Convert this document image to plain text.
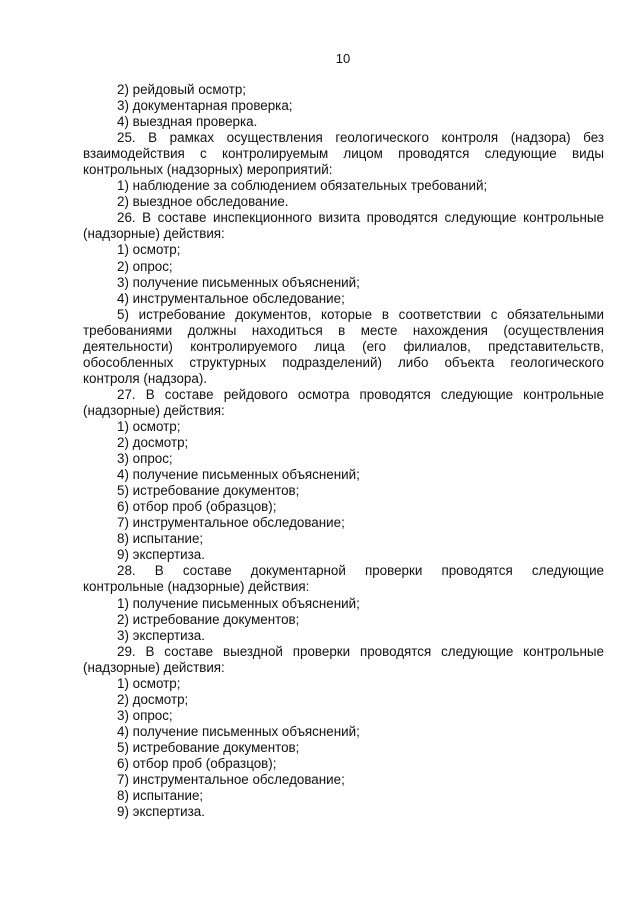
10
2) рейдовый осмотр;
3) документарная проверка;
4) выездная проверка.
25. В рамках осуществления геологического контроля (надзора) без
взаимодействия с контролируемым лицом проводятся следующие виды
контрольных (надзорных) мероприятий:
1) наблюдение за соблюдением обязательных требований;
2) выездное обследование.
26. В составе инспекционного визита проводятся следующие контрольные
(надзорные) действия:
1) осмотр;
2) опрос;
3) получение письменных объяснений;
4) инструментальное обследование;
5) истребование документов, которые в соответствии с обязательными
требованиями должны находиться в месте нахождения (осуществления
деятельности) контролируемого лица (его филиалов, представительств,
обособленных структурных подразделений) либо объекта геологического
контроля (надзора).
27. В составе рейдового осмотра проводятся следующие контрольные
(надзорные) действия:
1) осмотр;
2) досмотр;
3) опрос;
4) получение письменных объяснений;
5) истребование документов;
6) отбор проб (образцов);
7) инструментальное обследование;
8) испытание;
9) экспертиза.
28. В составе документарной проверки проводятся следующие
контрольные (надзорные) действия:
1) получение письменных объяснений;
2) истребование документов;
3) экспертиза.
29. В составе выездной проверки проводятся следующие контрольные
(надзорные) действия:
1) осмотр;
2) досмотр;
3) опрос;
4) получение письменных объяснений;
5) истребование документов;
6) отбор проб (образцов);
7) инструментальное обследование;
8) испытание;
9) экспертиза.
